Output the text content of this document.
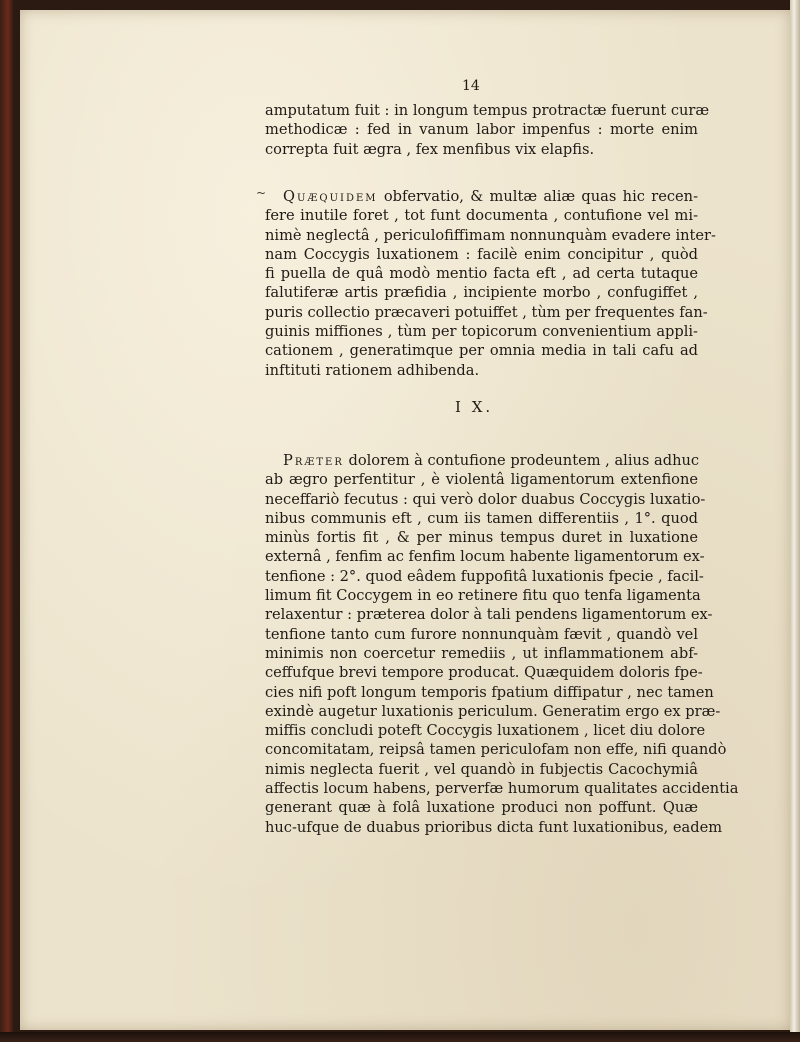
14
amputatum fuit : in longum tempus protractæ fuerunt curæ
methodicæ : fed in vanum labor impenfus : morte enim
correpta fuit ægra , fex menfibus vix elapfis.
~	Quæquidem obfervatio, & multæ aliæ quas hic recen-
fere inutile foret , tot funt documenta , contufione vel mi-
nimè neglectâ , periculofiffimam nonnunquàm evadere inter-
nam Coccygis luxationem : facilè enim concipitur , quòd
fi puella de quâ modò mentio facta eft , ad certa tutaque
falutiferæ artis præfidia , incipiente morbo , confugiffet ,
puris collectio præcaveri potuiffet , tùm per frequentes fan-
guinis miffiones , tùm per topicorum convenientium appli-
cationem , generatimque per omnia media in tali cafu ad
inftituti rationem adhibenda.
I X.
Præter dolorem à contufione prodeuntem , alius adhuc
ab ægro perfentitur , è violentâ ligamentorum extenfione
neceffariò fecutus : qui verò dolor duabus Coccygis luxatio-
nibus communis eft , cum iis tamen differentiis , 1°. quod
minùs fortis fit , & per minus tempus duret in luxatione
externâ , fenfim ac fenfim locum habente ligamentorum ex-
tenfione : 2°. quod eâdem fuppofitâ luxationis fpecie , facil-
limum fit Coccygem in eo retinere fitu quo tenfa ligamenta
relaxentur : præterea dolor à tali pendens ligamentorum ex-
tenfione tanto cum furore nonnunquàm fævit , quandò vel
minimis non coercetur remediis , ut inflammationem abf-
ceffufque brevi tempore producat. Quæquidem doloris fpe-
cies nifi poft longum temporis fpatium diffipatur , nec tamen
exindè augetur luxationis periculum. Generatim ergo ex præ-
miffis concludi poteft Coccygis luxationem , licet diu dolore
concomitatam, reipsâ tamen periculofam non effe, nifi quandò
nimis neglecta fuerit , vel quandò in fubjectis Cacochymiâ
affectis locum habens, perverfæ humorum qualitates accidentia
generant quæ à folâ luxatione produci non poffunt. Quæ
huc-ufque de duabus prioribus dicta funt luxationibus, eadem
